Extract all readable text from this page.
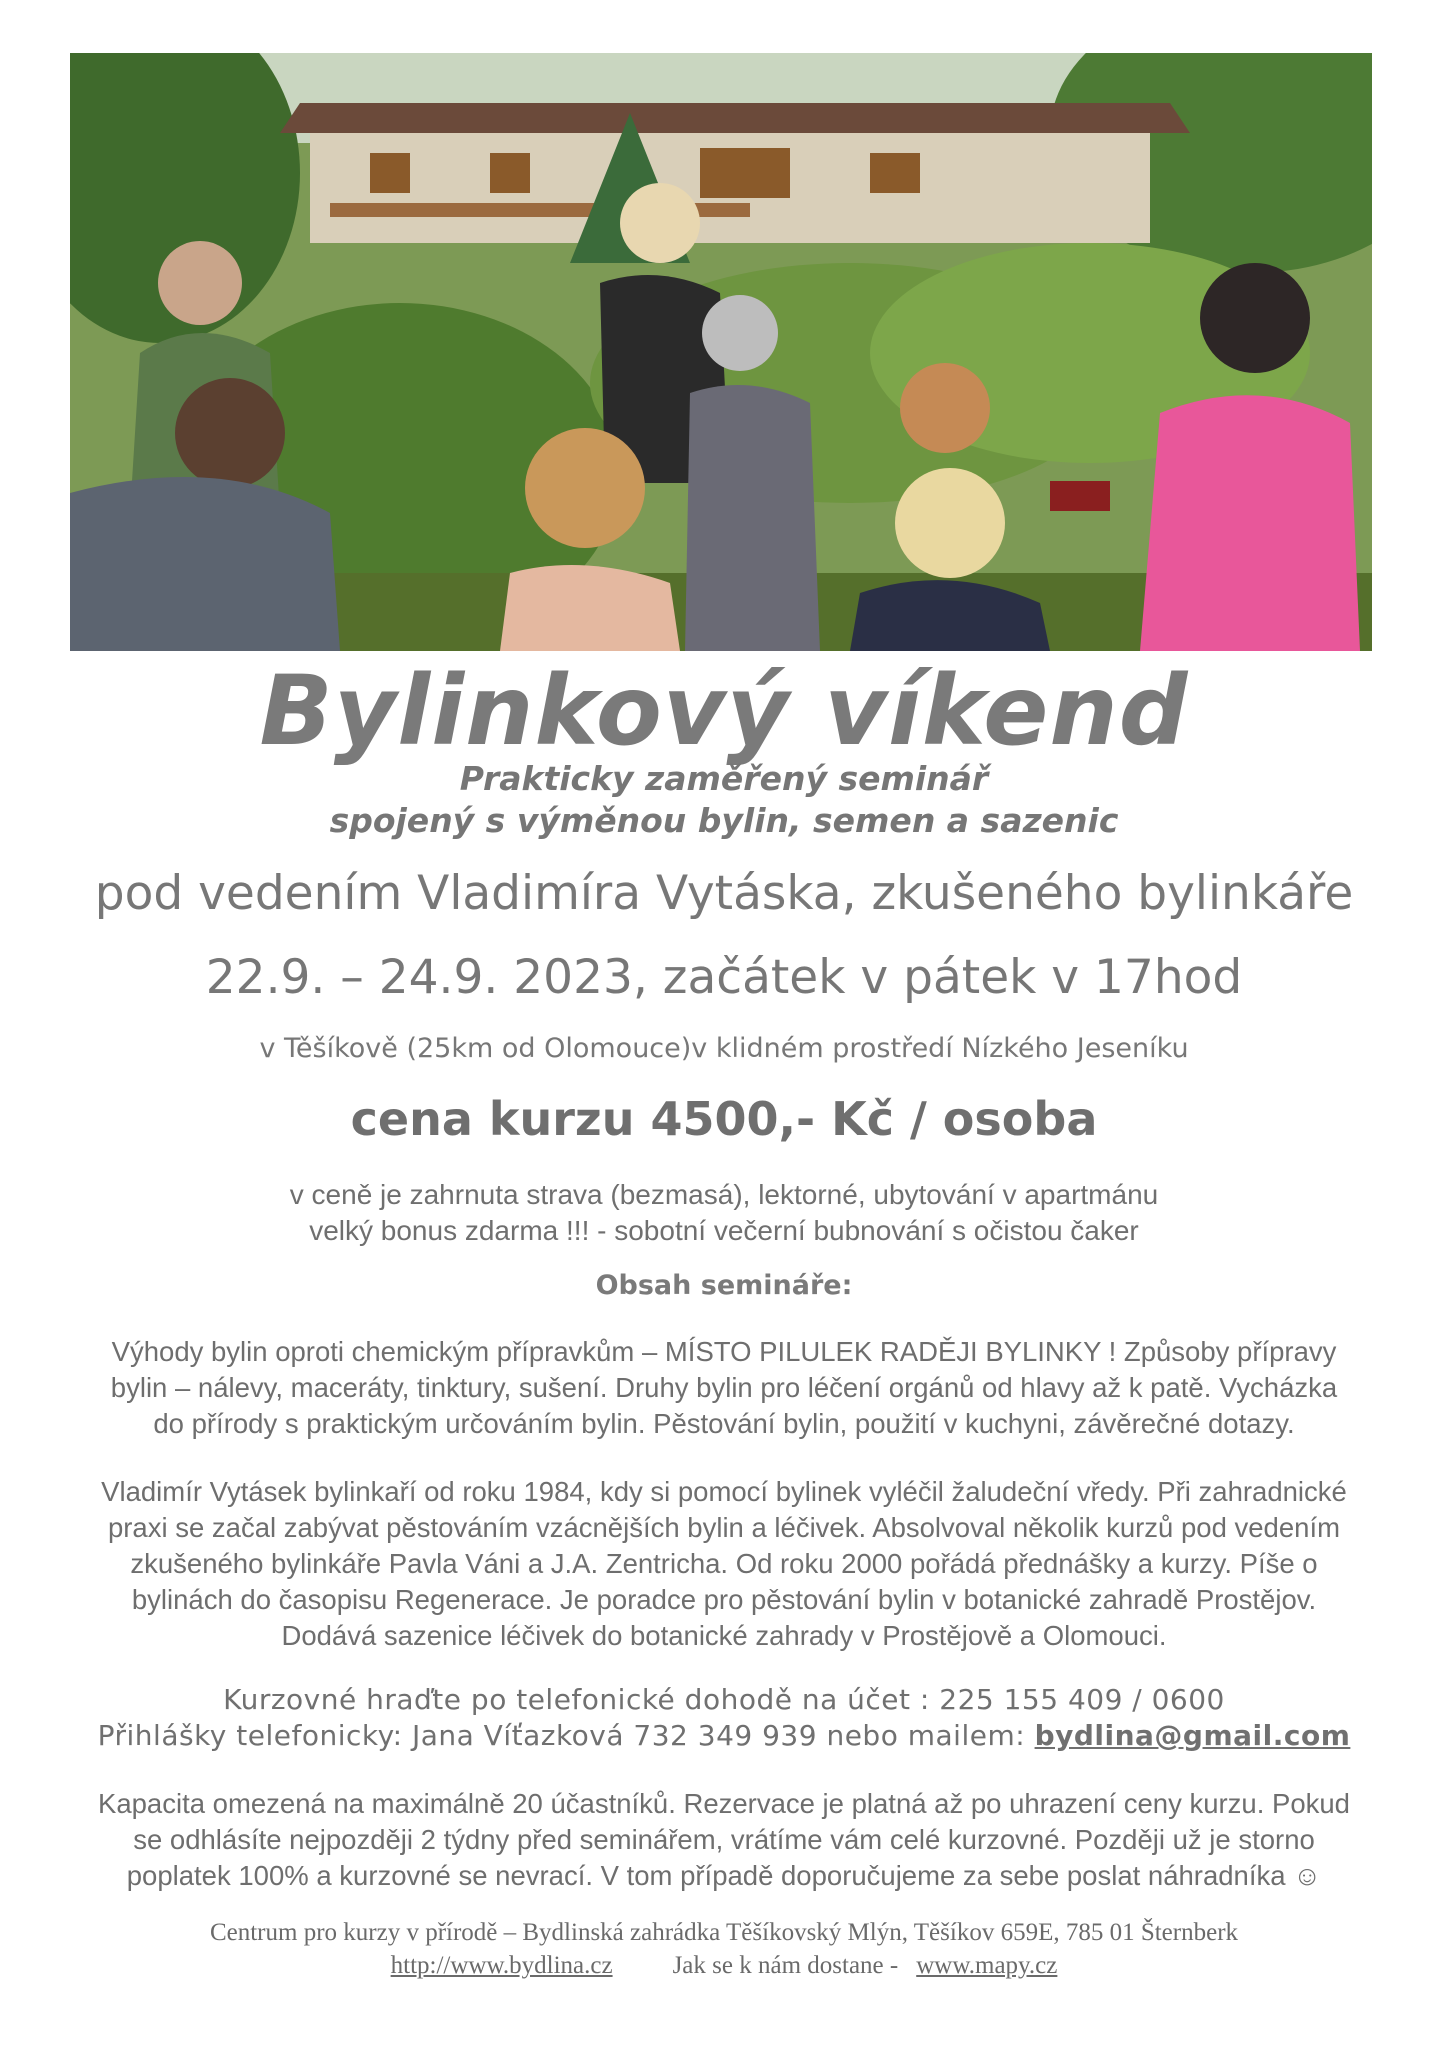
Bylinkový víkend
Prakticky zaměřený seminář
spojený s výměnou bylin, semen a sazenic
pod vedením Vladimíra Vytáska, zkušeného bylinkáře
22.9. – 24.9. 2023, začátek v pátek v 17hod
v Těšíkově (25km od Olomouce)v klidném prostředí Nízkého Jeseníku
cena kurzu 4500,- Kč / osoba
v ceně je zahrnuta strava (bezmasá), lektorné, ubytování v apartmánu
velký bonus zdarma !!! - sobotní večerní bubnování s očistou čaker
Obsah semináře:
Výhody bylin oproti chemickým přípravkům – MÍSTO PILULEK RADĚJI BYLINKY ! Způsoby přípravy
bylin – nálevy, maceráty, tinktury, sušení. Druhy bylin pro léčení orgánů od hlavy až k patě. Vycházka
do přírody s praktickým určováním bylin. Pěstování bylin, použití v kuchyni, závěrečné dotazy.
Vladimír Vytásek bylinkaří od roku 1984, kdy si pomocí bylinek vyléčil žaludeční vředy. Při zahradnické
praxi se začal zabývat pěstováním vzácnějších bylin a léčivek. Absolvoval několik kurzů pod vedením
zkušeného bylinkáře Pavla Váni a J.A. Zentricha. Od roku 2000 pořádá přednášky a kurzy. Píše o
bylinách do časopisu Regenerace. Je poradce pro pěstování bylin v botanické zahradě Prostějov.
Dodává sazenice léčivek do botanické zahrady v Prostějově a Olomouci.
Kurzovné hraďte po telefonické dohodě na účet : 225 155 409 / 0600
Přihlášky telefonicky: Jana Víťazková 732 349 939 nebo mailem: bydlina@gmail.com
Kapacita omezená na maximálně 20 účastníků. Rezervace je platná až po uhrazení ceny kurzu. Pokud
se odhlásíte nejpozději 2 týdny před seminářem, vrátíme vám celé kurzovné. Později už je storno
poplatek 100% a kurzovné se nevrací. V tom případě doporučujeme za sebe poslat náhradníka ☺
Centrum pro kurzy v přírodě – Bydlinská zahrádka Těšíkovský Mlýn, Těšíkov 659E, 785 01 Šternberk
http://www.bydlina.cz Jak se k nám dostane - www.mapy.cz
